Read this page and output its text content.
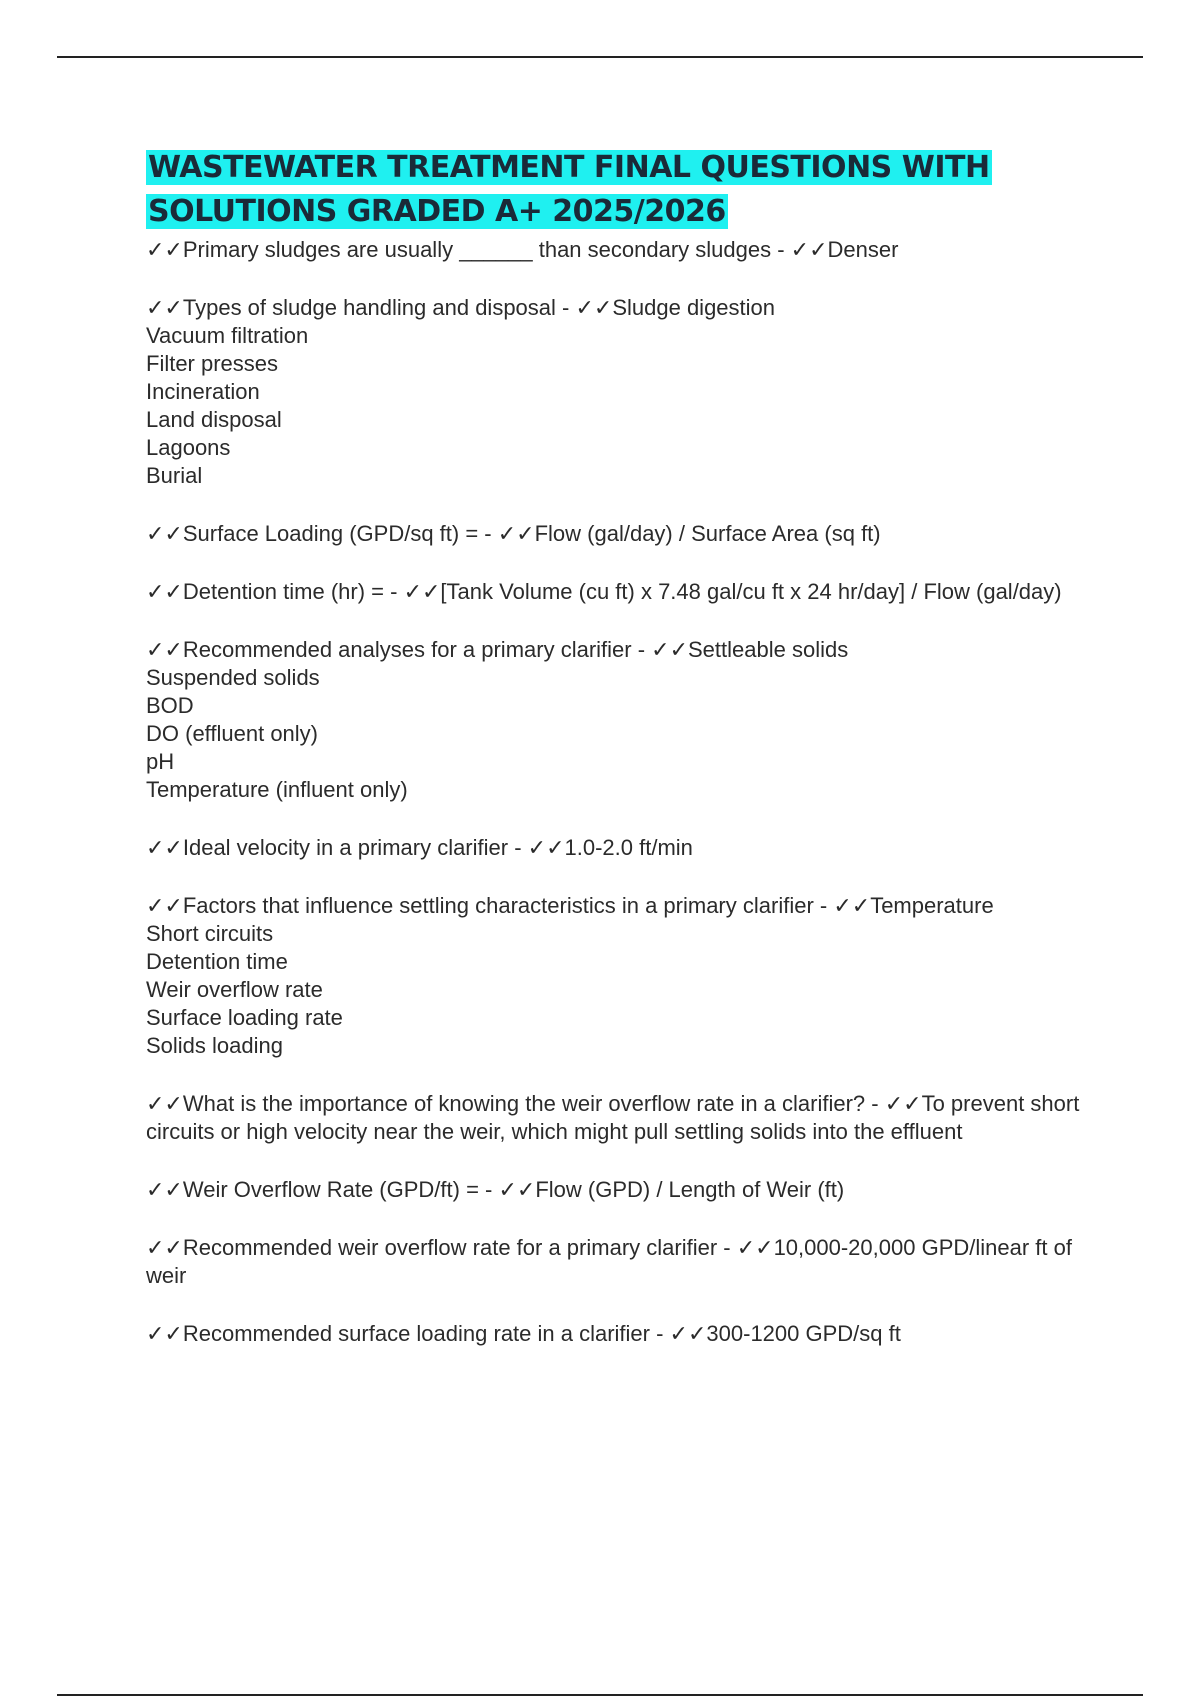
WASTEWATER TREATMENT FINAL QUESTIONS WITH
SOLUTIONS GRADED A+ 2025/2026
✓✓Primary sludges are usually ______ than secondary sludges - ✓✓Denser
✓✓Types of sludge handling and disposal - ✓✓Sludge digestion
Vacuum filtration
Filter presses
Incineration
Land disposal
Lagoons
Burial
✓✓Surface Loading (GPD/sq ft) = - ✓✓Flow (gal/day) / Surface Area (sq ft)
✓✓Detention time (hr) = - ✓✓[Tank Volume (cu ft) x 7.48 gal/cu ft x 24 hr/day] / Flow (gal/day)
✓✓Recommended analyses for a primary clarifier - ✓✓Settleable solids
Suspended solids
BOD
DO (effluent only)
pH
Temperature (influent only)
✓✓Ideal velocity in a primary clarifier - ✓✓1.0-2.0 ft/min
✓✓Factors that influence settling characteristics in a primary clarifier - ✓✓Temperature
Short circuits
Detention time
Weir overflow rate
Surface loading rate
Solids loading
✓✓What is the importance of knowing the weir overflow rate in a clarifier? - ✓✓To prevent short circuits or high velocity near the weir, which might pull settling solids into the effluent
✓✓Weir Overflow Rate (GPD/ft) = - ✓✓Flow (GPD) / Length of Weir (ft)
✓✓Recommended weir overflow rate for a primary clarifier - ✓✓10,000-20,000 GPD/linear ft of weir
✓✓Recommended surface loading rate in a clarifier - ✓✓300-1200 GPD/sq ft
